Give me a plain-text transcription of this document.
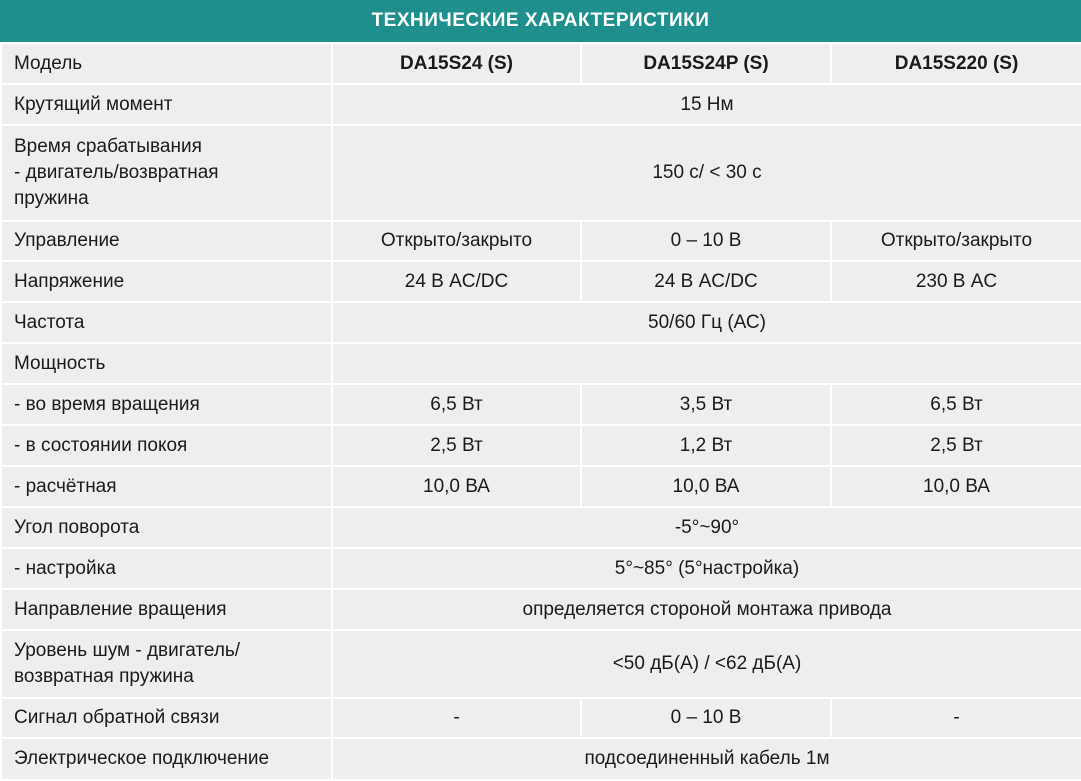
ТЕХНИЧЕСКИЕ ХАРАКТЕРИСТИКИ
Модель	DA15S24 (S)	DA15S24P (S)	DA15S220 (S)
Крутящий момент	15 Нм		

Время срабатывания
- двигатель/возвратная
пружина	150 с/ < 30 с		
Управление	Открыто/закрыто	0 – 10 В	Открыто/закрыто
Напряжение	24 В AC/DC	24 В AC/DC	230 В AC
Частота	50/60 Гц (АС)		
Мощность			
- во время вращения	6,5 Вт	3,5 Вт	6,5 Вт
- в состоянии покоя	2,5 Вт	1,2 Вт	2,5 Вт
- расчётная	10,0 ВА	10,0 ВА	10,0 ВА
Угол поворота	-5°~90°		
- настройка	5°~85° (5°настройка)		
Направление вращения	определяется стороной монтажа привода		

Уровень шум - двигатель/
возвратная пружина	<50 дБ(A) / <62 дБ(A)		
Сигнал обратной связи	-	0 – 10 В	-
Электрическое подключение	подсоединенный кабель 1м		
